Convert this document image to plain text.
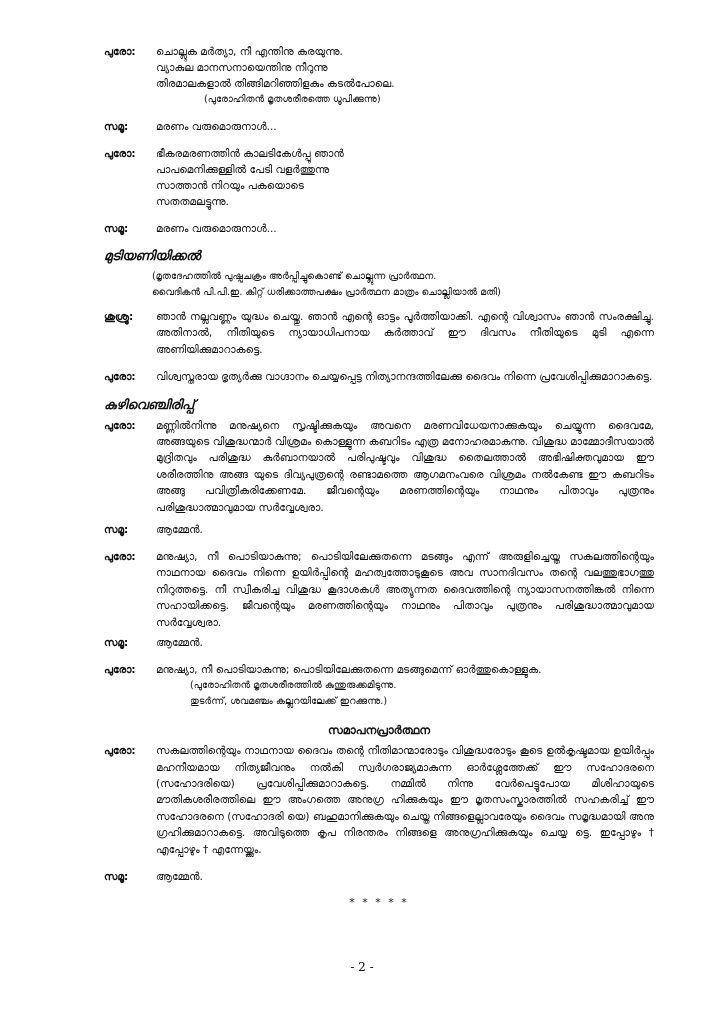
പുരോ:	ചൊല്ലുക മർത്യാ, നീ എന്തിനു കരയുന്നു.
വ്യാകുല മാനസനായെന്തിനു നീറുന്നു
തിരമാലകളാൽ തിങ്ങിമറിഞ്ഞിളകും കടൽപോലെ.
(പുരോഹിതൻ മൃതശരീരത്തെ ധൂപിക്കുന്നു)
സമൂ:	മരണം വരുമൊരുനാൾ...
പുരോ:	ഭീകരമരണത്തിൻ കാലടികേൾപ്പൂ ഞാൻ
പാപമെനിക്കുള്ളിൽ പേടി വളർത്തുന്നു
സാത്താൻ നിറയും പകയൊടെ
സതതമലട്ടുന്നു.
സമൂ:	മരണം വരുമൊരുനാൾ...
മുടിയണിയിക്കൽ
(മൃതദേഹത്തിൽ പുഷ്പചക്രം അർപ്പിച്ചുകൊണ്ട് ചൊല്ലുന്ന പ്രാർത്ഥന.
വൈദികൻ പി.പി.ഇ. കിറ്റ് ധരിക്കാത്തപക്ഷം പ്രാർത്ഥന മാത്രം ചൊല്ലിയാൽ മതി)
ശുശ്രൂ:	ഞാൻ നല്ലവണ്ണം യുദ്ധം ചെയ്തു. ഞാൻ എന്റെ ഓട്ടം പൂർത്തിയാക്കി. എന്റെ വിശ്വാസം ഞാൻ സംരക്ഷിച്ചു. അതിനാൽ, നീതിയുടെ ന്യായാധിപനായ കർത്താവ് ഈ ദിവസം നീതിയുടെ മുടി എന്നെ അണിയിക്കുമാറാകട്ടെ.
പുരോ:	വിശ്വസ്തരായ ഭൃത്യർക്കു വാഗ്ദാനം ചെയ്യപ്പെട്ട നിത്യാനന്ദത്തിലേക്കു ദൈവം നിന്നെ പ്രവേശിപ്പിക്കുമാറാകട്ടെ.
കുഴിവെഞ്ചിരിപ്പ്
പുരോ:	മണ്ണിൽനിന്നു മനുഷ്യനെ സൃഷ്ടിക്കുകയും അവനെ മരണവിധേയനാക്കുകയും ചെയ്യുന്ന ദൈവമേ, അങ്ങയുടെ വിശുദ്ധന്മാർ വിശ്രമം കൊള്ളുന്ന കബറിടം എത്ര മനോഹരമാകുന്നു. വിശുദ്ധ മാമ്മോദീസയാൽ മുദ്രിതവും പരിശുദ്ധ കുർബാനയാൽ പരിപുഷ്ടവും വിശുദ്ധ തൈലത്താൽ അഭിഷിക്തവുമായ ഈ ശരീരത്തിനു അങ്ങ യുടെ ദിവ്യപുത്രന്റെ രണ്ടാമത്തെ ആഗമനംവരെ വിശ്രമം നൽകേണ്ട ഈ കബറിടം അങ്ങു പവിത്രീകരിക്കേണമേ. ജീവന്റെയും മരണത്തിന്റെയും നാഥനും പിതാവും പുത്രനും പരിശുദ്ധാത്മാവുമായ സർവ്വേശ്വരാ.
സമൂ:	ആമ്മേൻ.
പുരോ:	മനുഷ്യാ, നീ പൊടിയാകുന്നു; പൊടിയിലേക്കുതന്നെ മടങ്ങും എന്ന് അരുളിച്ചെയ്ത സകലത്തിന്റെയും നാഥനായ ദൈവം നിന്നെ ഉയിർപ്പിന്റെ മഹത്വത്തോടുകൂടെ അവ സാനദിവസം തന്റെ വലത്തുഭാഗത്തു നിറുത്തട്ടെ. നീ സ്വീകരിച്ച വിശുദ്ധ കൂദാശകൾ അത്യുന്നത ദൈവത്തിന്റെ ന്യായാസനത്തിങ്കൽ നിന്നെ സഹായിക്കട്ടെ. ജീവന്റെയും മരണത്തിന്റെയും നാഥനും പിതാവും പുത്രനും പരിശുദ്ധാത്മാവുമായ സർവ്വേശ്വരാ.
സമൂ:	ആമ്മേൻ.
പുരോ:	മനുഷ്യാ, നീ പൊടിയാകുന്നു; പൊടിയിലേക്കുതന്നെ മടങ്ങുമെന്ന് ഓർത്തുകൊള്ളുക.
(പുരോഹിതൻ മൃതശരീരത്തിൽ കുന്തുരുക്കമിടുന്നു.
തുടർന്ന്, ശവമഞ്ചം കല്ലറയിലേക്ക് ഇറക്കുന്നു.)
സമാപനപ്രാർത്ഥന
പുരോ:	സകലത്തിന്റെയും നാഥനായ ദൈവം തന്റെ നീതിമാന്മാരോടും വിശുദ്ധരോടും കൂടെ ഉൽകൃഷ്ടമായ ഉയിർപ്പും മഹനീയമായ നിത്യജീവനും നൽകി സ്വർഗരാജ്യമാകുന്ന ഓർശ്ലേത്തേക്ക് ഈ സഹോദരനെ (സഹോദരിയെ) പ്രവേശിപ്പിക്കുമാറാകട്ടെ. നമ്മിൽ നിന്നു വേർപെട്ടുപോയ മിശിഹായുടെ മൗതികശരീരത്തിലെ ഈ അംഗത്തെ അനുഗ്ര ഹിക്കുകയും ഈ മൃതസംസ്കാരത്തിൽ സഹകരിച്ച് ഈ സഹോദരനെ (സഹോദരി യെ) ബഹുമാനിക്കുകയും ചെയ്ത നിങ്ങളെല്ലാവരേയും ദൈവം സമൃദ്ധമായി അനു ഗ്രഹിക്കുമാറാകട്ടെ. അവിടുത്തെ കൃപ നിരന്തരം നിങ്ങളെ അനുഗ്രഹിക്കുകയും ചെയ്യ ട്ടെ. ഇപ്പോഴും † എപ്പോഴും † എന്നേയ്ക്കും.
സമൂ:	ആമ്മേൻ.
* * * * *
- 2 -
